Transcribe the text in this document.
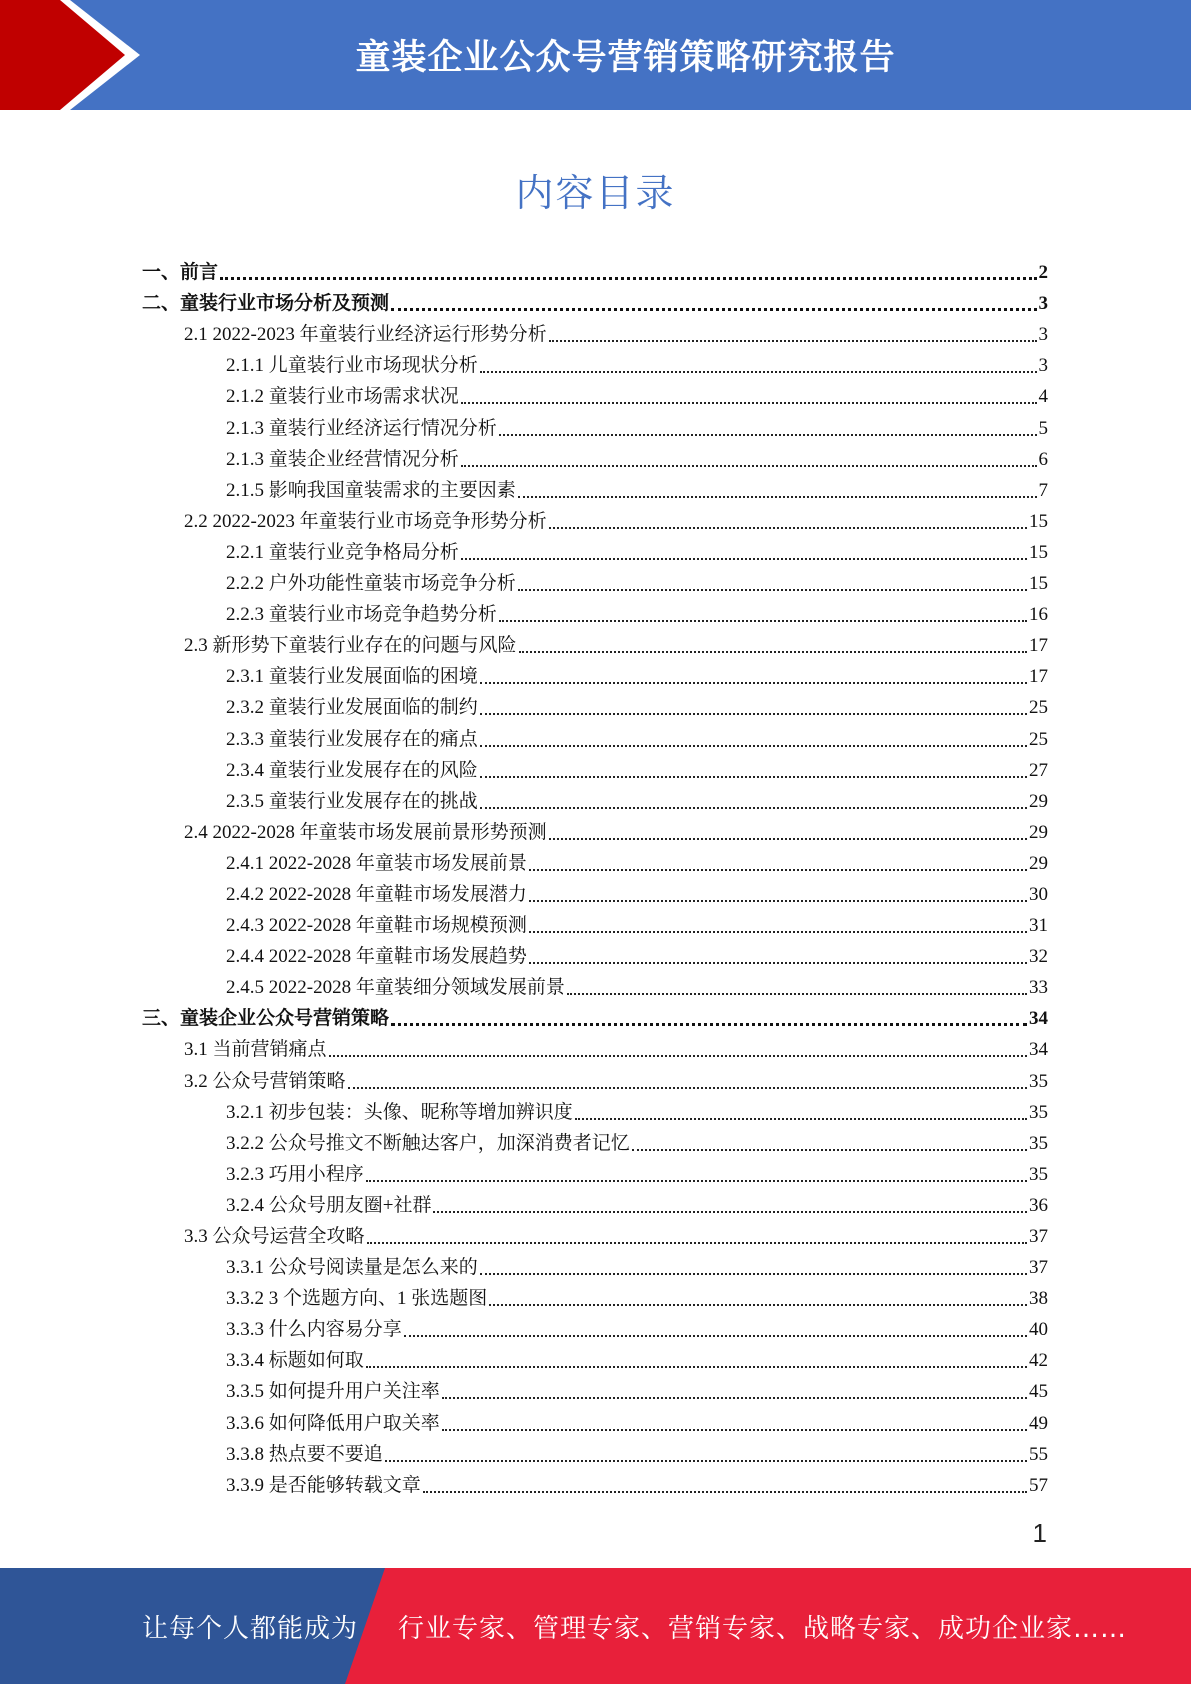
童装企业公众号营销策略研究报告
内容目录
一、前言	2
二、童装行业市场分析及预测	3
2.1 2022-2023 年童装行业经济运行形势分析	3
2.1.1 儿童装行业市场现状分析	3
2.1.2 童装行业市场需求状况	4
2.1.3 童装行业经济运行情况分析	5
2.1.3 童装企业经营情况分析	6
2.1.5 影响我国童装需求的主要因素	7
2.2 2022-2023 年童装行业市场竞争形势分析	15
2.2.1 童装行业竞争格局分析	15
2.2.2 户外功能性童装市场竞争分析	15
2.2.3 童装行业市场竞争趋势分析	16
2.3 新形势下童装行业存在的问题与风险	17
2.3.1 童装行业发展面临的困境	17
2.3.2 童装行业发展面临的制约	25
2.3.3 童装行业发展存在的痛点	25
2.3.4 童装行业发展存在的风险	27
2.3.5 童装行业发展存在的挑战	29
2.4 2022-2028 年童装市场发展前景形势预测	29
2.4.1 2022-2028 年童装市场发展前景	29
2.4.2 2022-2028 年童鞋市场发展潜力	30
2.4.3 2022-2028 年童鞋市场规模预测	31
2.4.4 2022-2028 年童鞋市场发展趋势	32
2.4.5 2022-2028 年童装细分领域发展前景	33
三、童装企业公众号营销策略	34
3.1 当前营销痛点	34
3.2 公众号营销策略	35
3.2.1 初步包装：头像、昵称等增加辨识度	35
3.2.2 公众号推文不断触达客户，加深消费者记忆	35
3.2.3 巧用小程序	35
3.2.4 公众号朋友圈+社群	36
3.3 公众号运营全攻略	37
3.3.1 公众号阅读量是怎么来的	37
3.3.2 3 个选题方向、1 张选题图	38
3.3.3 什么内容易分享	40
3.3.4 标题如何取	42
3.3.5 如何提升用户关注率	45
3.3.6 如何降低用户取关率	49
3.3.8 热点要不要追	55
3.3.9 是否能够转载文章	57
1
让每个人都能成为 行业专家、管理专家、营销专家、战略专家、成功企业家……
